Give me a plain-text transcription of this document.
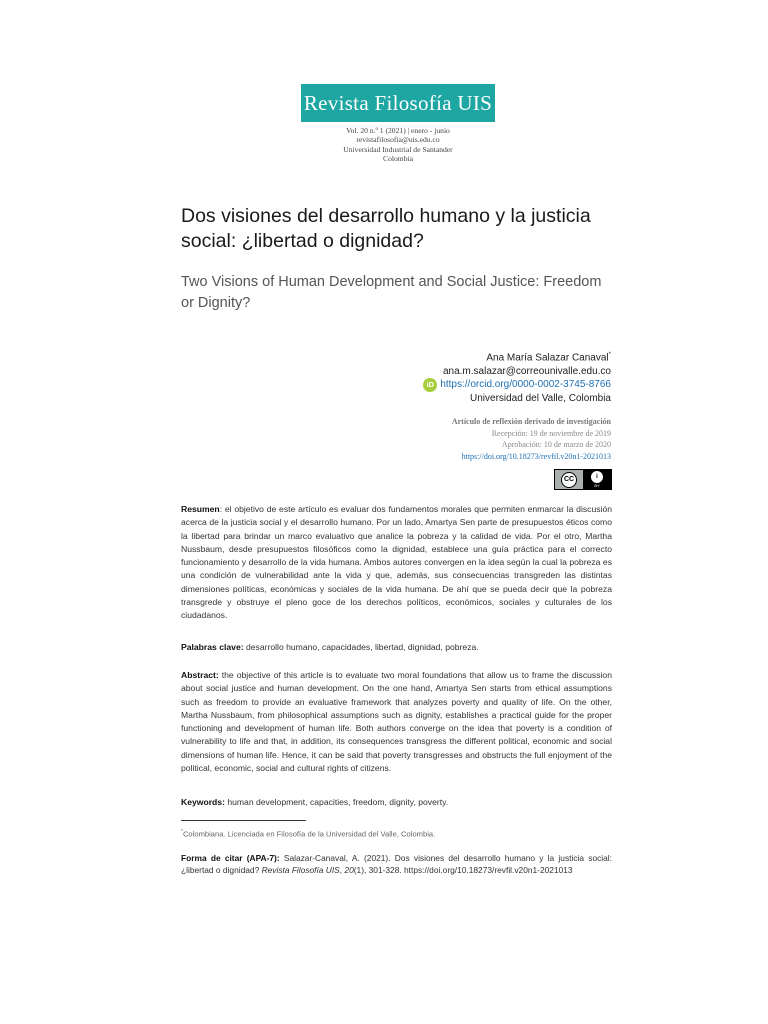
Revista Filosofía UIS
Vol. 20 n.º 1 (2021) | enero - junio
revistafilosofia@uis.edu.co
Universidad Industrial de Santander
Colombia
Dos visiones del desarrollo humano y la justicia social: ¿libertad o dignidad?
Two Visions of Human Development and Social Justice: Freedom or Dignity?
Ana María Salazar Canaval*
ana.m.salazar@correounivalle.edu.co
iD https://orcid.org/0000-0002-3745-8766
Universidad del Valle, Colombia
Artículo de reflexión derivado de investigación
Recepción: 19 de noviembre de 2019
Aprobación: 10 de marzo de 2020
https://doi.org/10.18273/revfil.v20n1-2021013
CC	i
BY
Resumen: el objetivo de este artículo es evaluar dos fundamentos morales que permiten enmarcar la discusión acerca de la justicia social y el desarrollo humano. Por un lado, Amartya Sen parte de presupuestos éticos como la libertad para brindar un marco evaluativo que analice la pobreza y la calidad de vida. Por el otro, Martha Nussbaum, desde presupuestos filosóficos como la dignidad, establece una guía práctica para el correcto funcionamiento y desarrollo de la vida humana. Ambos autores convergen en la idea según la cual la pobreza es una condición de vulnerabilidad ante la vida y que, además, sus consecuencias transgreden las distintas dimensiones políticas, económicas y sociales de la vida humana. De ahí que se pueda decir que la pobreza transgrede y obstruye el pleno goce de los derechos políticos, económicos, sociales y culturales de los ciudadanos.
Palabras clave: desarrollo humano, capacidades, libertad, dignidad, pobreza.
Abstract: the objective of this article is to evaluate two moral foundations that allow us to frame the discussion about social justice and human development. On the one hand, Amartya Sen starts from ethical assumptions such as freedom to provide an evaluative framework that analyzes poverty and quality of life. On the other, Martha Nussbaum, from philosophical assumptions such as dignity, establishes a practical guide for the proper functioning and development of human life. Both authors converge on the idea that poverty is a condition of vulnerability to life and that, in addition, its consequences transgress the different political, economic and social dimensions of human life. Hence, it can be said that poverty transgresses and obstructs the full enjoyment of the political, economic, social and cultural rights of citizens.
Keywords: human development, capacities, freedom, dignity, poverty.
*Colombiana. Licenciada en Filosofía de la Universidad del Valle, Colombia.
Forma de citar (APA-7): Salazar-Canaval, A. (2021). Dos visiones del desarrollo humano y la justicia social: ¿libertad o dignidad? Revista Filosofía UIS, 20(1), 301-328. https://doi.org/10.18273/revfil.v20n1-2021013
